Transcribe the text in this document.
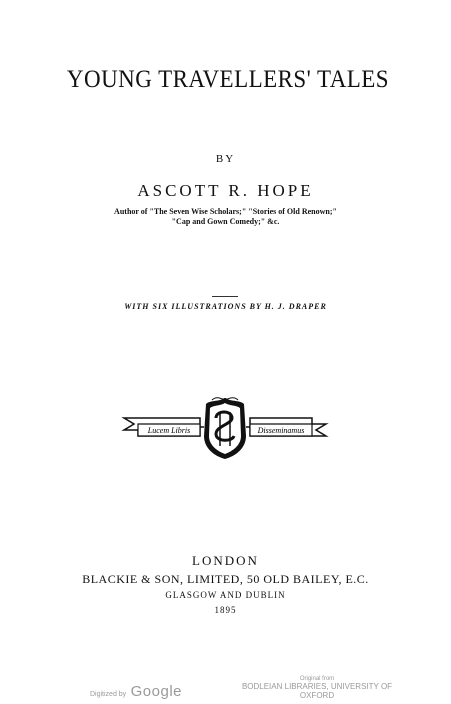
YOUNG TRAVELLERS' TALES
BY
ASCOTT R. HOPE
Author of "The Seven Wise Scholars;" "Stories of Old Renown;"
"Cap and Gown Comedy;" &c.
WITH SIX ILLUSTRATIONS BY H. J. DRAPER
Lucem Libris	Disseminamus
LONDON
BLACKIE & SON, LIMITED, 50 OLD BAILEY, E.C.
GLASGOW AND DUBLIN
1895
Digitized by Google
Original from
BODLEIAN LIBRARIES, UNIVERSITY OF OXFORD
